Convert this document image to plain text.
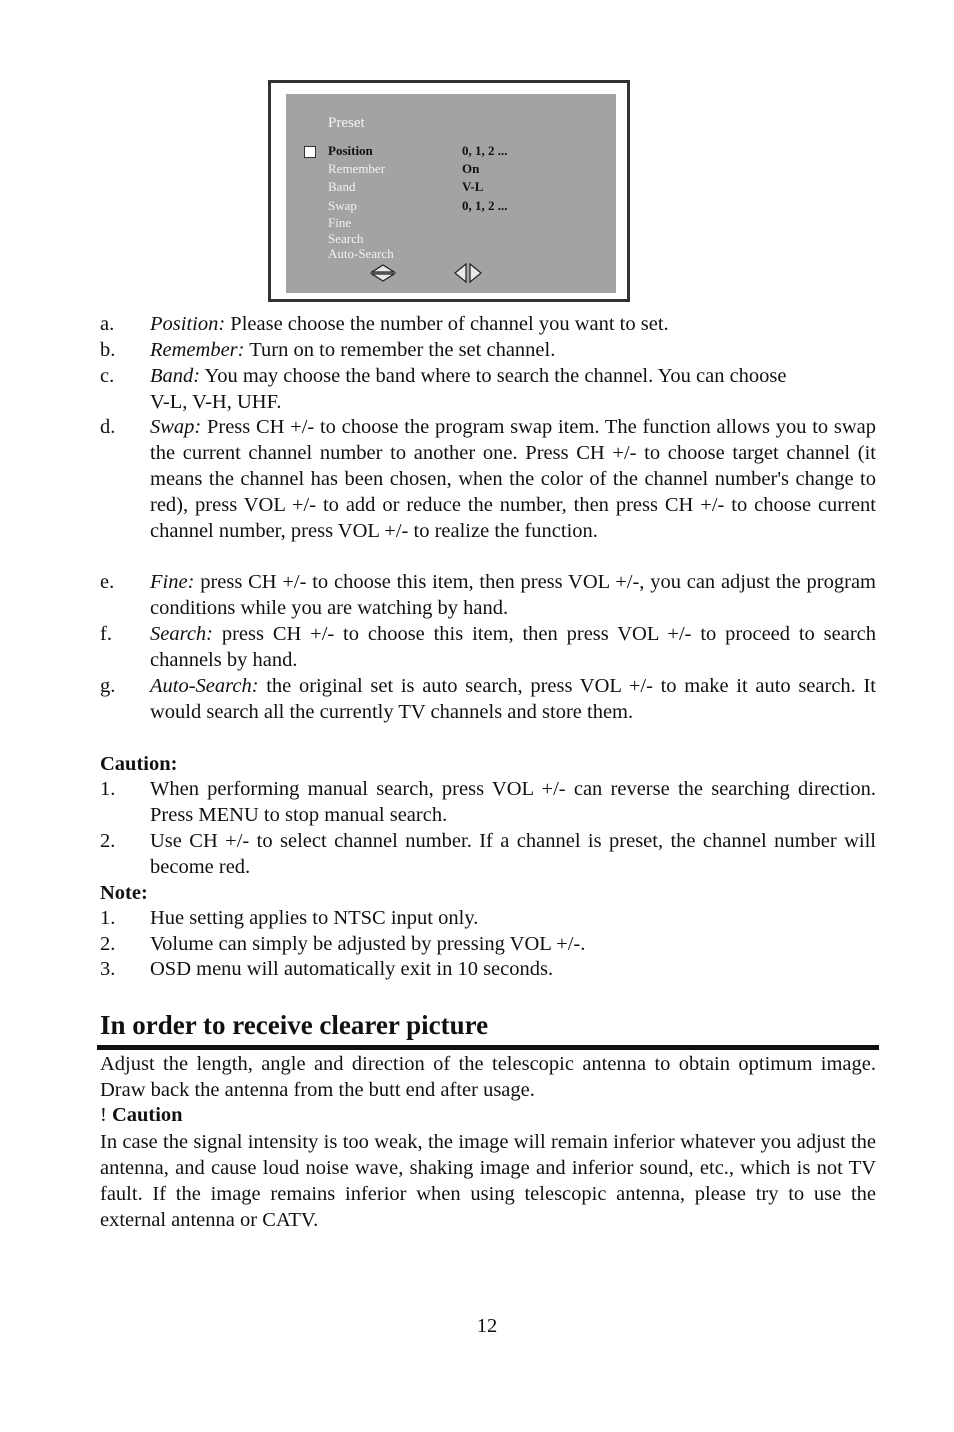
Preset
Position	0, 1, 2 ...
Remember	On
Band	V-L
Swap	0, 1, 2 ...
Fine
Search
Auto-Search
a. Position: Please choose the number of channel you want to set.
b. Remember: Turn on to remember the set channel.
c. Band: You may choose the band where to search the channel. You can choose
V-L, V-H, UHF.
d. Swap: Press CH +/- to choose the program swap item. The function allows you to swap the current channel number to another one. Press CH +/- to choose target channel (it means the channel has been chosen, when the color of the channel number's change to red), press VOL +/- to add or reduce the number, then press CH +/- to choose current channel number, press VOL +/- to realize the function.
e. Fine: press CH +/- to choose this item, then press VOL +/-, you can adjust the program conditions while you are watching by hand.
f. Search: press CH +/- to choose this item, then press VOL +/- to proceed to search channels by hand.
g. Auto-Search: the original set is auto search, press VOL +/- to make it auto search. It would search all the currently TV channels and store them.
Caution:
1. When performing manual search, press VOL +/- can reverse the searching direction. Press MENU to stop manual search.
2. Use CH +/- to select channel number. If a channel is preset, the channel number will become red.
Note:
1. Hue setting applies to NTSC input only.
2. Volume can simply be adjusted by pressing VOL +/-.
3. OSD menu will automatically exit in 10 seconds.
In order to receive clearer picture
Adjust the length, angle and direction of the telescopic antenna to obtain optimum image. Draw back the antenna from the butt end after usage.
! Caution
In case the signal intensity is too weak, the image will remain inferior whatever you adjust the antenna, and cause loud noise wave, shaking image and inferior sound, etc., which is not TV fault. If the image remains inferior when using telescopic antenna, please try to use the external antenna or CATV.
12
